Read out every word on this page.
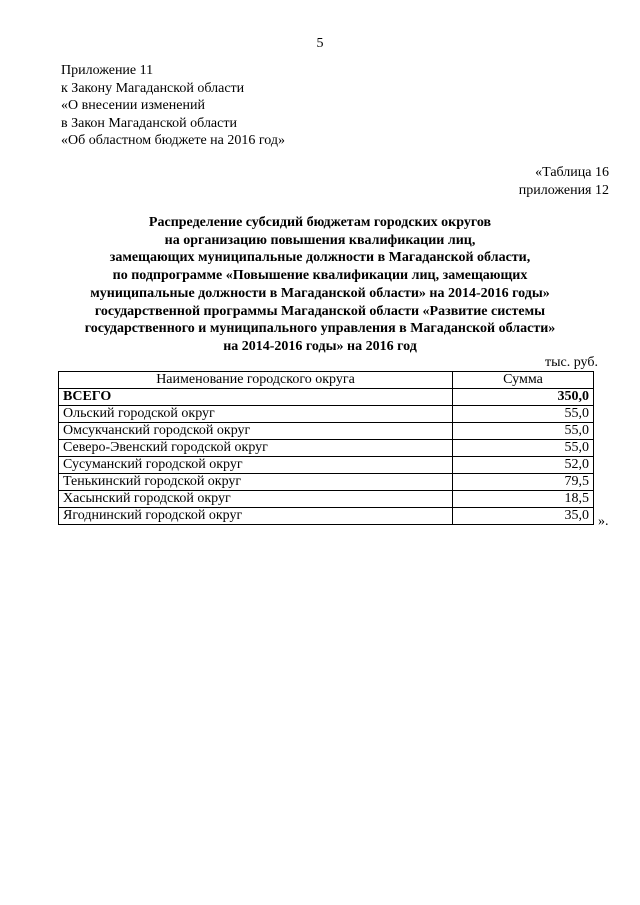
5
Приложение 11
к Закону Магаданской области
«О внесении изменений
в Закон Магаданской области
«Об областном бюджете на 2016 год»
«Таблица 16
приложения 12
Распределение субсидий бюджетам городских округов
на организацию повышения квалификации лиц,
замещающих муниципальные должности в Магаданской области,
по подпрограмме «Повышение квалификации лиц, замещающих
муниципальные должности в Магаданской области» на 2014-2016 годы»
государственной программы Магаданской области «Развитие системы
государственного и муниципального управления в Магаданской области»
на 2014-2016 годы» на 2016 год
тыс. руб.
Наименование городского округа	Сумма
ВСЕГО	350,0
Ольский городской округ	55,0
Омсукчанский городской округ	55,0
Северо-Эвенский городской округ	55,0
Сусуманский городской округ	52,0
Тенькинский городской округ	79,5
Хасынский городской округ	18,5
Ягоднинский городской округ	35,0 ».
